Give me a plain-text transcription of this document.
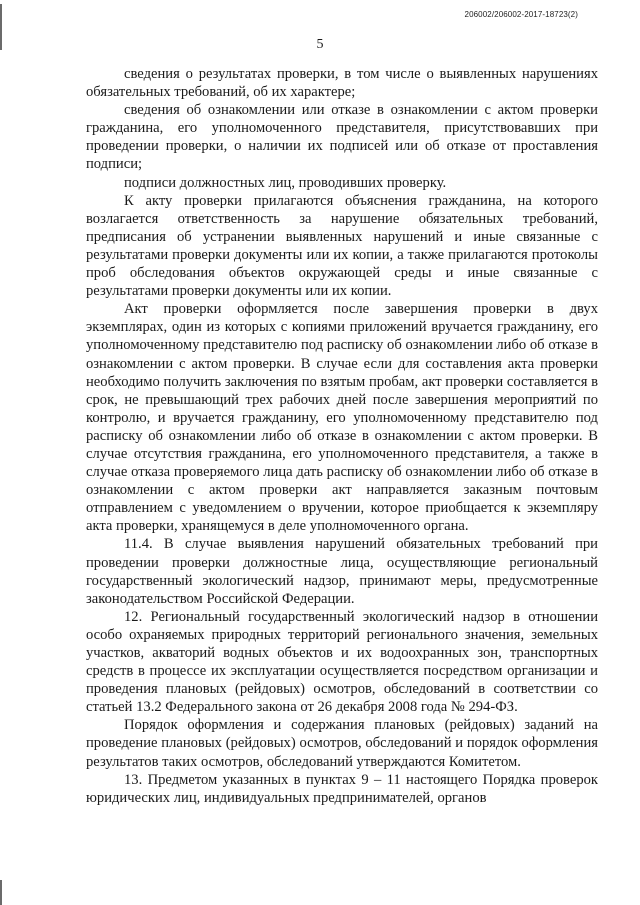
206002/206002-2017-18723(2)
5

сведения о результатах проверки, в том числе о выявленных нарушениях обязательных требований, об их характере;

сведения об ознакомлении или отказе в ознакомлении с актом проверки гражданина, его уполномоченного представителя, присутствовавших при проведении проверки, о наличии их подписей или об отказе от проставления подписи;

подписи должностных лиц, проводивших проверку.

К акту проверки прилагаются объяснения гражданина, на которого возлагается ответственность за нарушение обязательных требований, предписания об устранении выявленных нарушений и иные связанные с результатами проверки документы или их копии, а также прилагаются протоколы проб обследования объектов окружающей среды и иные связанные с результатами проверки документы или их копии.

Акт проверки оформляется после завершения проверки в двух экземплярах, один из которых с копиями приложений вручается гражданину, его уполномоченному представителю под расписку об ознакомлении либо об отказе в ознакомлении с актом проверки. В случае если для составления акта проверки необходимо получить заключения по взятым пробам, акт проверки составляется в срок, не превышающий трех рабочих дней после завершения мероприятий по контролю, и вручается гражданину, его уполномоченному представителю под расписку об ознакомлении либо об отказе в ознакомлении с актом проверки. В случае отсутствия гражданина, его уполномоченного представителя, а также в случае отказа проверяемого лица дать расписку об ознакомлении либо об отказе в ознакомлении с актом проверки акт направляется заказным почтовым отправлением с уведомлением о вручении, которое приобщается к экземпляру акта проверки, хранящемуся в деле уполномоченного органа.

11.4. В случае выявления нарушений обязательных требований при проведении проверки должностные лица, осуществляющие региональный государственный экологический надзор, принимают меры, предусмотренные законодательством Российской Федерации.

12. Региональный государственный экологический надзор в отношении особо охраняемых природных территорий регионального значения, земельных участков, акваторий водных объектов и их водоохранных зон, транспортных средств в процессе их эксплуатации осуществляется посредством организации и проведения плановых (рейдовых) осмотров, обследований в соответствии со статьей 13.2 Федерального закона от 26 декабря 2008 года № 294-ФЗ.

Порядок оформления и содержания плановых (рейдовых) заданий на проведение плановых (рейдовых) осмотров, обследований и порядок оформления результатов таких осмотров, обследований утверждаются Комитетом.

13. Предметом указанных в пунктах 9 – 11 настоящего Порядка проверок юридических лиц, индивидуальных предпринимателей, органов
